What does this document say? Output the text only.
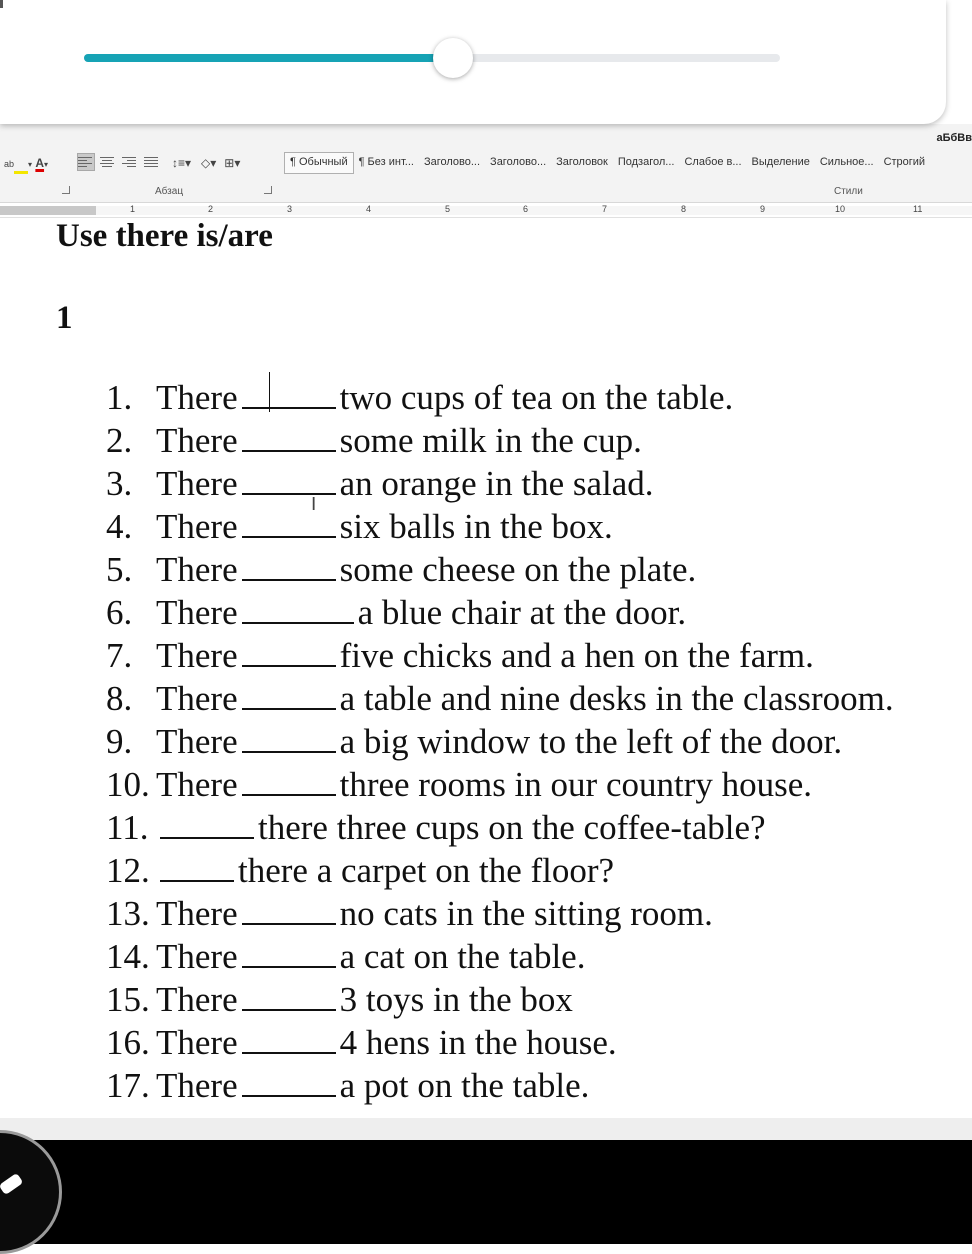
аБбВв
ab ▾ A▾	↕≡▾ ◇▾ ⊞▾	¶ Обычный	¶ Без инт... Заголово... Заголово... Заголовок Подзагол... Слабое в... Выделение Сильное... Строгий
Абзац	Стили
1	2	3	4	5	6	7	8	9	10	11
Use there is/are
1
1. There	two cups of tea on the table.
2. There	some milk in the cup.
3. There	an orange in the salad.
4. There	six balls in the box.
5. There	some cheese on the plate.
6. There	a blue chair at the door.
7. There	five chicks and a hen on the farm.
8. There	a table and nine desks in the classroom.
9. There	a big window to the left of the door.
10. There	three rooms in our country house.
11.	there three cups on the coffee-table?
12.	there a carpet on the floor?
13. There	no cats in the sitting room.
14. There	a cat on the table.
15. There	3 toys in the box
16. There	4 hens in the house.
17. There	a pot on the table.
I
